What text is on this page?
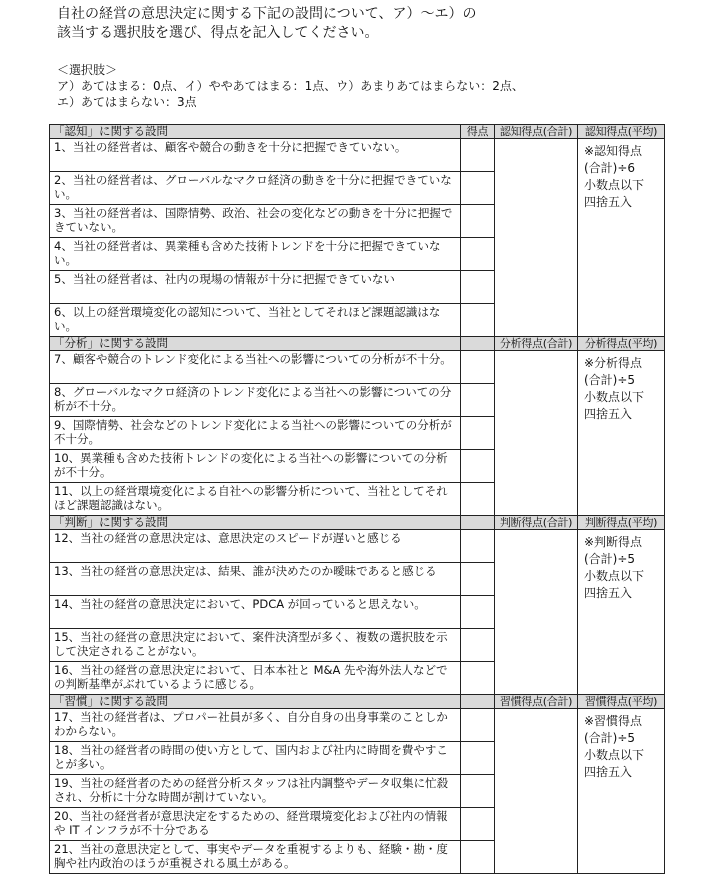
自社の経営の意思決定に関する下記の設問について、ア）〜エ）の
該当する選択肢を選び、得点を記入してください。
＜選択肢＞
ア）あてはまる：0点、イ）ややあてはまる：1点、ウ）あまりあてはまらない：2点、
エ）あてはまらない：3点
「認知」に関する設問	得点	認知得点(合計)	認知得点(平均)
1、当社の経営者は、顧客や競合の動きを十分に把握できていない。			※認知得点
(合計)÷6
小数点以下
四捨五入

2、当社の経営者は、グローバルなマクロ経済の動きを十分に把握できていない。			
3、当社の経営者は、国際情勢、政治、社会の変化などの動きを十分に把握できていない。			
4、当社の経営者は、異業種も含めた技術トレンドを十分に把握できていない。			
5、当社の経営者は、社内の現場の情報が十分に把握できていない			
6、以上の経営環境変化の認知について、当社としてそれほど課題認識はない。			
「分析」に関する設問		分析得点(合計)	分析得点(平均)
7、顧客や競合のトレンド変化による当社への影響についての分析が不十分。			※分析得点
(合計)÷5
小数点以下
四捨五入

8、グローバルなマクロ経済のトレンド変化による当社への影響についての分析が不十分。			
9、国際情勢、社会などのトレンド変化による当社への影響についての分析が不十分。			
10、異業種も含めた技術トレンドの変化による当社への影響についての分析が不十分。			
11、以上の経営環境変化による自社への影響分析について、当社としてそれほど課題認識はない。			
「判断」に関する設問		判断得点(合計)	判断得点(平均)
12、当社の経営の意思決定は、意思決定のスピードが遅いと感じる			※判断得点
(合計)÷5
小数点以下
四捨五入

13、当社の経営の意思決定は、結果、誰が決めたのか曖昧であると感じる			
14、当社の経営の意思決定において、PDCA が回っていると思えない。			
15、当社の経営の意思決定において、案件決済型が多く、複数の選択肢を示して決定されることがない。			
16、当社の経営の意思決定において、日本本社と M&A 先や海外法人などでの判断基準がぶれているように感じる。			
「習慣」に関する設問		習慣得点(合計)	習慣得点(平均)
17、当社の経営者は、プロパー社員が多く、自分自身の出身事業のことしかわからない。			※習慣得点
(合計)÷5
小数点以下
四捨五入

18、当社の経営者の時間の使い方として、国内および社内に時間を費やすことが多い。			
19、当社の経営者のための経営分析スタッフは社内調整やデータ収集に忙殺され、分析に十分な時間が割けていない。			
20、当社の経営者が意思決定をするための、経営環境変化および社内の情報や IT インフラが不十分である			
21、当社の意思決定として、事実やデータを重視するよりも、経験・勘・度胸や社内政治のほうが重視される風土がある。			
